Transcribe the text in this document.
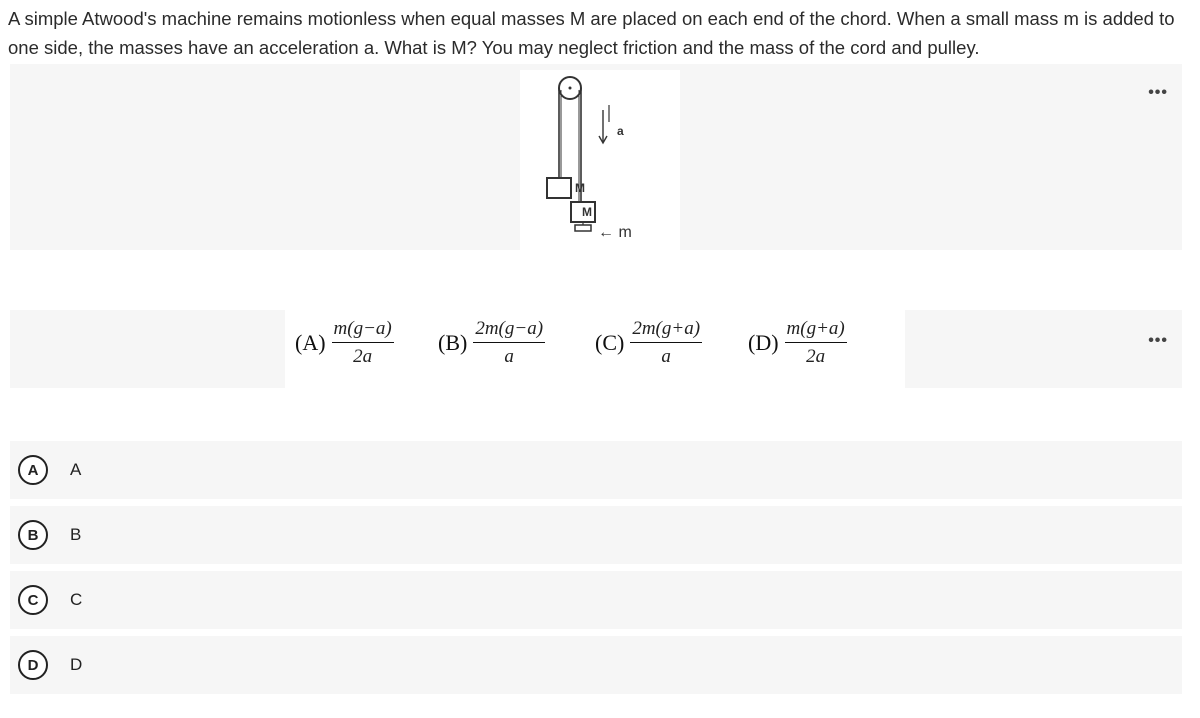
A simple Atwood's machine remains motionless when equal masses M are placed on each end of the chord. When a small mass m is added to one side, the masses have an acceleration a. What is M? You may neglect friction and the mass of the cord and pulley.
•••
a
M
M
← m
•••
$(A) \frac{m(g-a)}{2a} (B) \frac{2m(g-a)}{a} (C) \frac{2m(g+a)}{a} (D) \frac{m(g+a)}{2a}$
A	A
B	B
C	C
D	D
